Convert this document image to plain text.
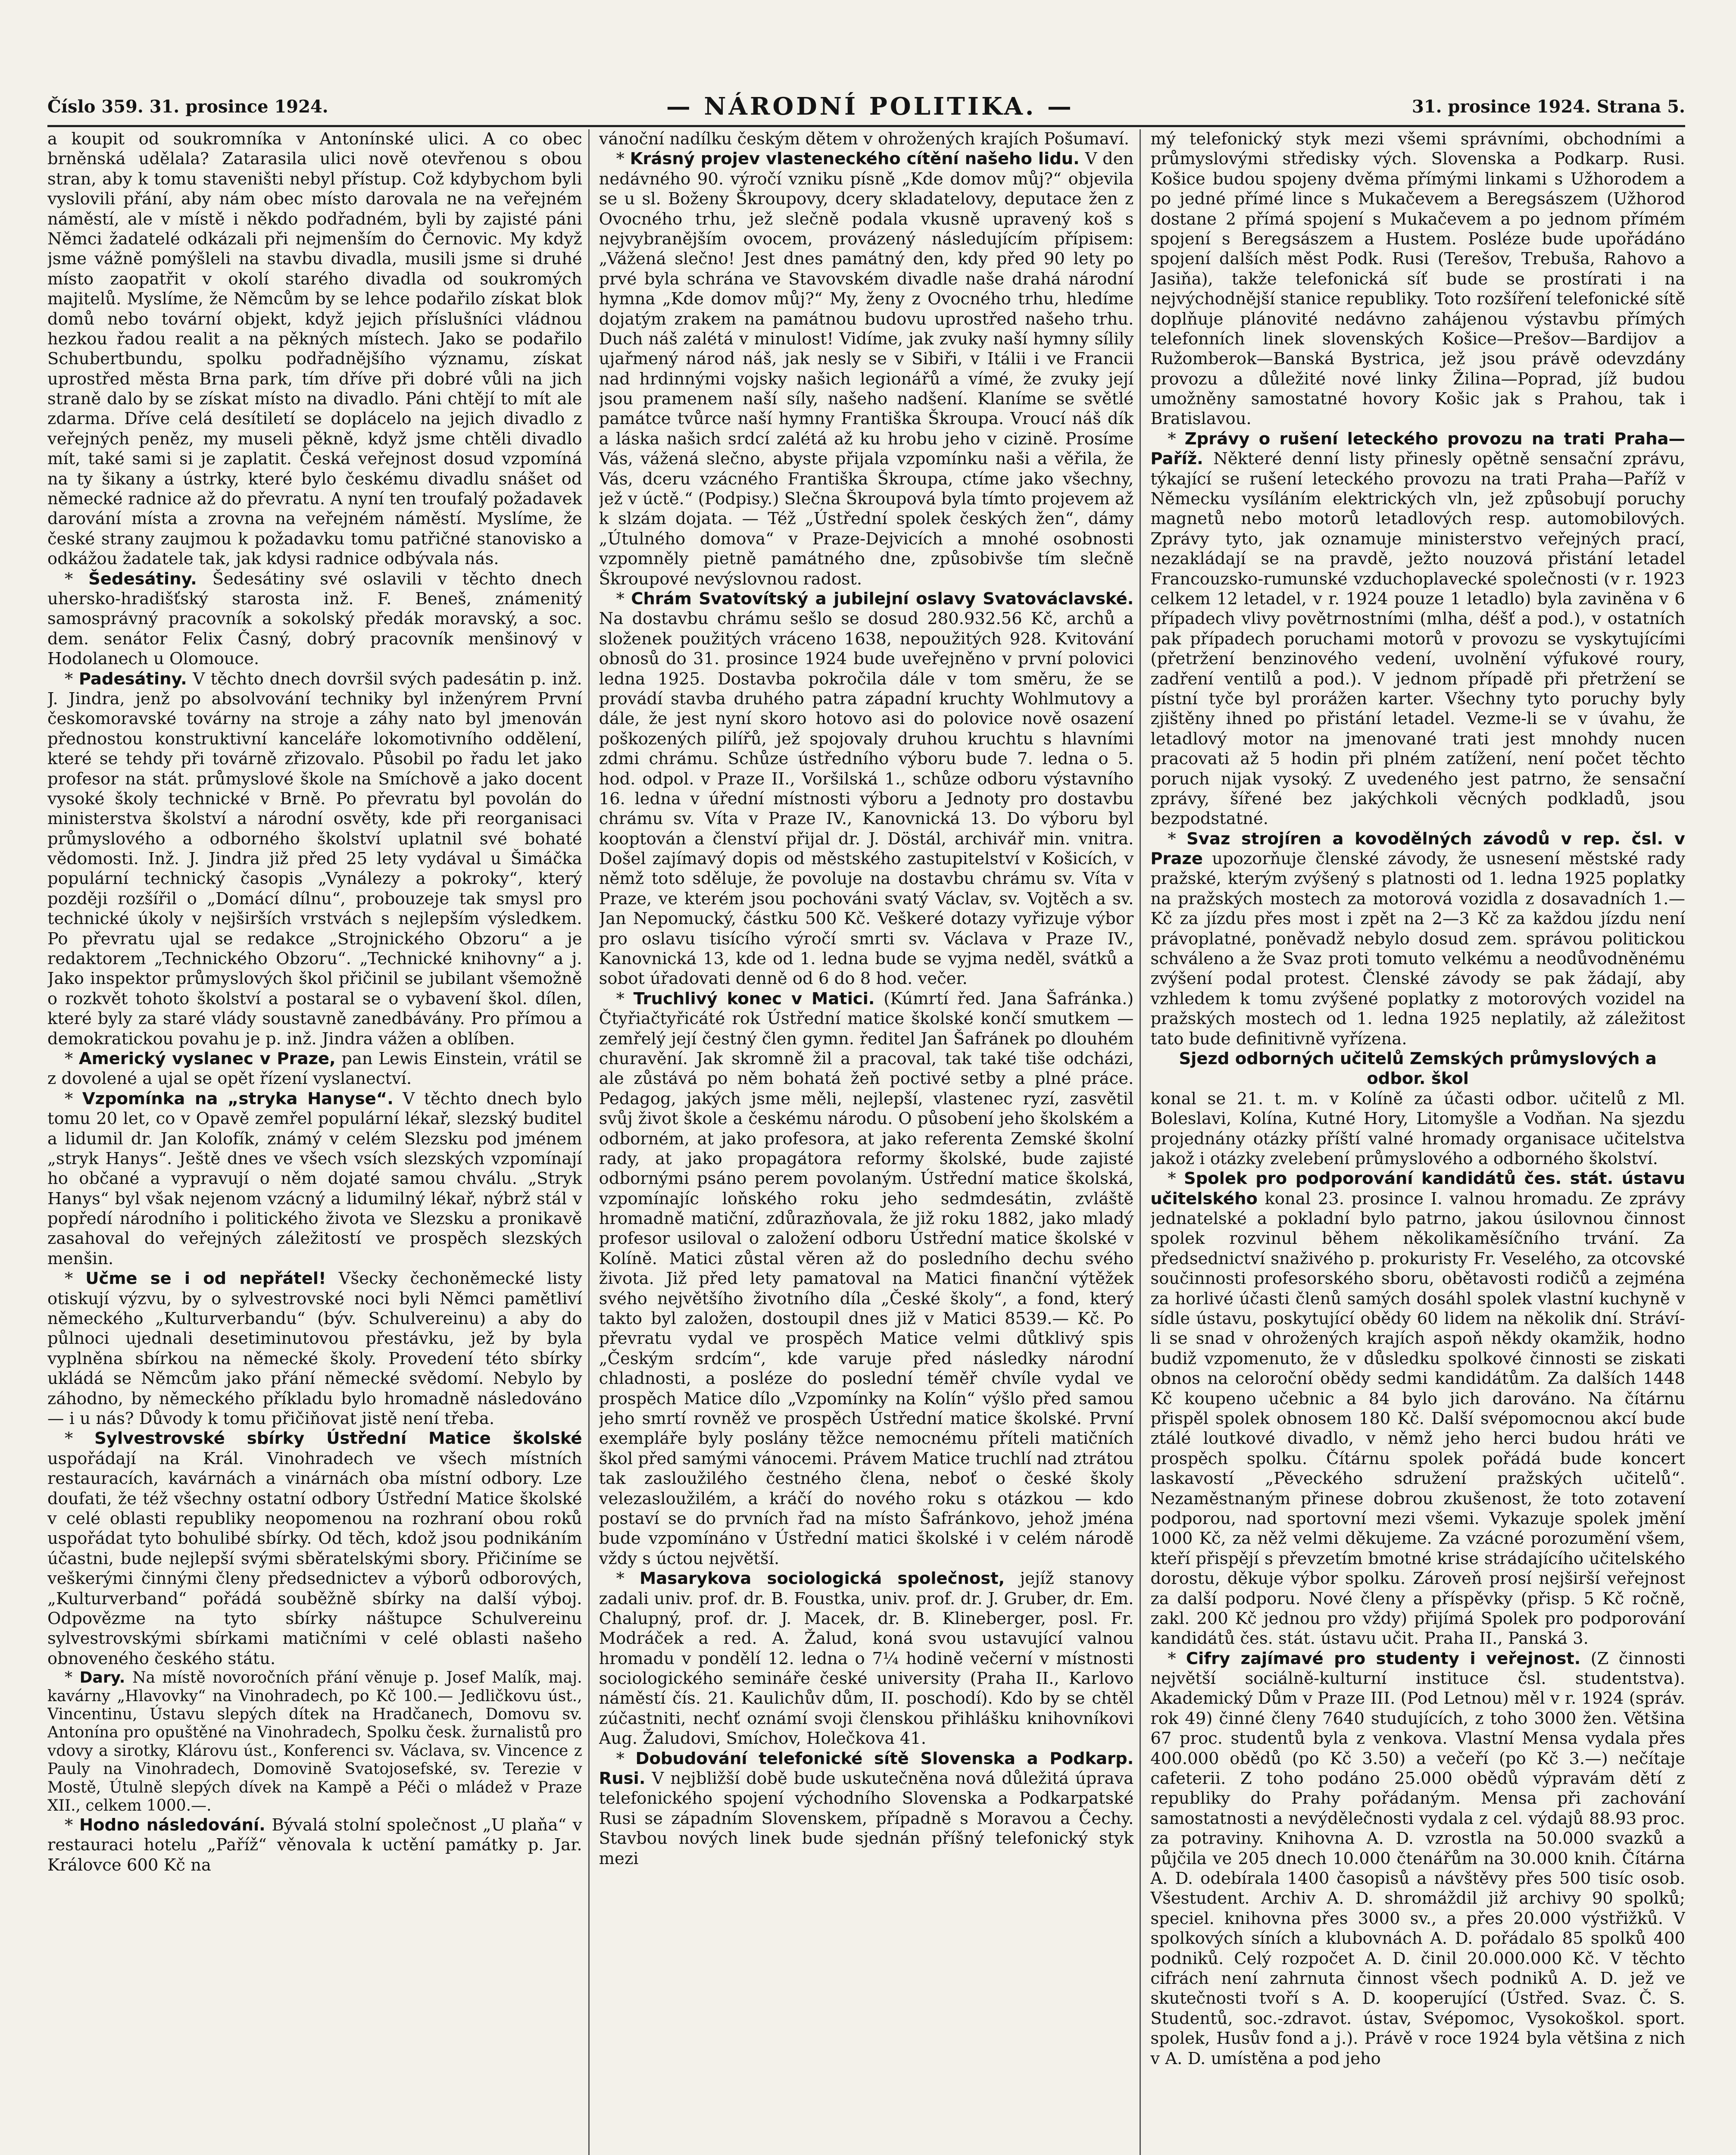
Číslo 359. 31. prosince 1924.	— NÁRODNÍ POLITIKA. —	31. prosince 1924. Strana 5.

a koupit od soukromníka v Antonínské ulici. A co obec brněnská udělala? Zatarasila ulici nově otevřenou s obou stran, aby k tomu staveništi nebyl přístup. Což kdybychom byli vyslovili přání, aby nám obec místo darovala ne na veřejném náměstí, ale v místě i někdo podřadném, byli by zajisté páni Němci žadatelé odkázali při nejmenším do Černovic. My když jsme vážně pomýšleli na stavbu divadla, musili jsme si druhé místo zaopatřit v okolí starého divadla od soukromých majitelů. Myslíme, že Němcům by se lehce podařilo získat blok domů nebo tovární objekt, když jejich příslušníci vládnou hezkou řadou realit a na pěkných místech. Jako se podařilo Schubertbundu, spolku podřadnějšího významu, získat uprostřed města Brna park, tím dříve při dobré vůli na jich straně dalo by se získat místo na divadlo. Páni chtějí to mít ale zdarma. Dříve celá desítiletí se doplácelo na jejich divadlo z veřejných peněz, my museli pěkně, když jsme chtěli divadlo mít, také sami si je zaplatit. Česká veřejnost dosud vzpomíná na ty šikany a ústrky, které bylo českému divadlu snášet od německé radnice až do převratu. A nyní ten troufalý požadavek darování místa a zrovna na veřejném náměstí. Myslíme, že české strany zaujmou k požadavku tomu patřičné stanovisko a odkážou žadatele tak, jak kdysi radnice odbývala nás.

* Šedesátiny. Šedesátiny své oslavili v těchto dnech uhersko-hradišťský starosta inž. F. Beneš, známenitý samosprávný pracovník a sokolský předák moravský, a soc. dem. senátor Felix Časný, dobrý pracovník menšinový v Hodolanech u Olomouce.

* Padesátiny. V těchto dnech dovršil svých padesátin p. inž. J. Jindra, jenž po absolvování techniky byl inženýrem První českomoravské továrny na stroje a záhy nato byl jmenován přednostou konstruktivní kanceláře lokomotivního oddělení, které se tehdy při továrně zřizovalo. Působil po řadu let jako profesor na stát. průmyslové škole na Smíchově a jako docent vysoké školy technické v Brně. Po převratu byl povolán do ministerstva školství a národní osvěty, kde při reorganisaci průmyslového a odborného školství uplatnil své bohaté vědomosti. Inž. J. Jindra již před 25 lety vydával u Šimáčka populární technický časopis „Vynálezy a pokroky“, který později rozšířil o „Domácí dílnu“, probouzeje tak smysl pro technické úkoly v nejširších vrstvách s nejlepším výsledkem. Po převratu ujal se redakce „Strojnického Obzoru“ a je redaktorem „Technického Obzoru“. „Technické knihovny“ a j. Jako inspektor průmyslových škol přičinil se jubilant všemožně o rozkvět tohoto školství a postaral se o vybavení škol. dílen, které byly za staré vlády soustavně zanedbávány. Pro přímou a demokratickou povahu je p. inž. Jindra vážen a oblíben.

* Americký vyslanec v Praze, pan Lewis Einstein, vrátil se z dovolené a ujal se opět řízení vyslanectví.

* Vzpomínka na „stryka Hanyse“. V těchto dnech bylo tomu 20 let, co v Opavě zemřel populární lékař, slezský buditel a lidumil dr. Jan Kolofík, známý v celém Slezsku pod jménem „stryk Hanys“. Ještě dnes ve všech vsích slezských vzpomínají ho občané a vypravují o něm dojaté samou chválu. „Stryk Hanys“ byl však nejenom vzácný a lidumilný lékař, nýbrž stál v popředí národního i politického života ve Slezsku a pronikavě zasahoval do veřejných záležitostí ve prospěch slezských menšin.

* Učme se i od nepřátel! Všecky čechoněmecké listy otiskují výzvu, by o sylvestrovské noci byli Němci pamětliví německého „Kulturverbandu“ (býv. Schulvereinu) a aby do půlnoci ujednali desetiminutovou přestávku, jež by byla vyplněna sbírkou na německé školy. Provedení této sbírky ukládá se Němcům jako přání německé svědomí. Nebylo by záhodno, by německého příkladu bylo hromadně následováno — i u nás? Důvody k tomu přičiňovat jistě není třeba.

* Sylvestrovské sbírky Ústřední Matice školské uspořádají na Král. Vinohradech ve všech místních restauracích, kavárnách a vinárnách oba místní odbory. Lze doufati, že též všechny ostatní odbory Ústřední Matice školské v celé oblasti republiky neopomenou na rozhraní obou roků uspořádat tyto bohulibé sbírky. Od těch, kdož jsou podnikáním účastni, bude nejlepší svými sběratelskými sbory. Přičiníme se veškerými činnými členy předsednictev a výborů odborových, „Kulturverband“ pořádá souběžně sbírky na další výboj. Odpovězme na tyto sbírky náštupce Schulvereinu sylvestrovskými sbírkami matičními v celé oblasti našeho obnoveného českého státu.

* Dary. Na místě novoročních přání věnuje p. Josef Malík, maj. kavárny „Hlavovky“ na Vinohradech, po Kč 100.— Jedličkovu úst., Vincentinu, Ústavu slepých dítek na Hradčanech, Domovu sv. Antonína pro opuštěné na Vinohradech, Spolku česk. žurnalistů pro vdovy a sirotky, Klárovu úst., Konferenci sv. Václava, sv. Vincence z Pauly na Vinohradech, Domovině Svatojosefské, sv. Terezie v Mostě, Útulně slepých dívek na Kampě a Péči o mládež v Praze XII., celkem 1000.—.

* Hodno následování. Bývalá stolní společnost „U plaňa“ v restauraci hotelu „Paříž“ věnovala k uctění památky p. Jar. Královce 600 Kč na

vánoční nadílku českým dětem v ohrožených krajích Pošumaví.

* Krásný projev vlasteneckého cítění našeho lidu. V den nedávného 90. výročí vzniku písně „Kde domov můj?“ objevila se u sl. Boženy Škroupovy, dcery skladatelovy, deputace žen z Ovocného trhu, jež slečně podala vkusně upravený koš s nejvybranějším ovocem, provázený následujícím přípisem: „Vážená slečno! Jest dnes památný den, kdy před 90 lety po prvé byla schrána ve Stavovském divadle naše drahá národní hymna „Kde domov můj?“ My, ženy z Ovocného trhu, hledíme dojatým zrakem na památnou budovu uprostřed našeho trhu. Duch náš zalétá v minulost! Vidíme, jak zvuky naší hymny sílily ujařmený národ náš, jak nesly se v Sibiři, v Itálii i ve Francii nad hrdinnými vojsky našich legionářů a vímé, že zvuky její jsou pramenem naší síly, našeho nadšení. Klaníme se světlé památce tvůrce naší hymny Františka Škroupa. Vroucí náš dík a láska našich srdcí zalétá až ku hrobu jeho v cizině. Prosíme Vás, vážená slečno, abyste přijala vzpomínku naši a věřila, že Vás, dceru vzácného Františka Škroupa, ctíme jako všechny, jež v úctě.“ (Podpisy.) Slečna Škroupová byla tímto projevem až k slzám dojata. — Též „Ústřední spolek českých žen“, dámy „Útulného domova“ v Praze-Dejvicích a mnohé osobnosti vzpomněly pietně památného dne, způsobivše tím slečně Škroupové nevýslovnou radost.

* Chrám Svatovítský a jubilejní oslavy Svatováclavské. Na dostavbu chrámu sešlo se dosud 280.932.56 Kč, archů a složenek použitých vráceno 1638, nepoužitých 928. Kvitování obnosů do 31. prosince 1924 bude uveřejněno v první polovici ledna 1925. Dostavba pokročila dále v tom směru, že se provádí stavba druhého patra západní kruchty Wohlmutovy a dále, že jest nyní skoro hotovo asi do polovice nově osazení poškozených pilířů, jež spojovaly druhou kruchtu s hlavními zdmi chrámu. Schůze ústředního výboru bude 7. ledna o 5. hod. odpol. v Praze II., Voršilská 1., schůze odboru výstavního 16. ledna v úřední místnosti výboru a Jednoty pro dostavbu chrámu sv. Víta v Praze IV., Kanovnická 13. Do výboru byl kooptován a členství přijal dr. J. Döstál, archivář min. vnitra. Došel zajímavý dopis od městského zastupitelství v Košicích, v němž toto sděluje, že povoluje na dostavbu chrámu sv. Víta v Praze, ve kterém jsou pochováni svatý Václav, sv. Vojtěch a sv. Jan Nepomucký, částku 500 Kč. Veškeré dotazy vyřizuje výbor pro oslavu tisícího výročí smrti sv. Václava v Praze IV., Kanovnická 13, kde od 1. ledna bude se vyjma neděl, svátků a sobot úřadovati denně od 6 do 8 hod. večer.

* Truchlivý konec v Matici. (Kúmrtí řed. Jana Šafránka.) Čtyřiačtyřicáté rok Ústřední matice školské končí smutkem — zemřelý její čestný člen gymn. ředitel Jan Šafránek po dlouhém churavění. Jak skromně žil a pracoval, tak také tiše odcházi, ale zůstává po něm bohatá žeň poctivé setby a plné práce. Pedagog, jakých jsme měli, nejlepší, vlastenec ryzí, zasvětil svůj život škole a českému národu. O působení jeho školském a odborném, at jako profesora, at jako referenta Zemské školní rady, at jako propagátora reformy školské, bude zajisté odbornými psáno perem povolaným. Ústřední matice školská, vzpomínajíc loňského roku jeho sedmdesátin, zvláště hromadně matiční, zdůrazňovala, že již roku 1882, jako mladý profesor usiloval o založení odboru Ústřední matice školské v Kolíně. Matici zůstal věren až do posledního dechu svého života. Již před lety pamatoval na Matici finanční výtěžek svého největšího životního díla „České školy“, a fond, který takto byl založen, dostoupil dnes již v Matici 8539.— Kč. Po převratu vydal ve prospěch Matice velmi důtklivý spis „Českým srdcím“, kde varuje před následky národní chladnosti, a posléze do poslední téměř chvíle vydal ve prospěch Matice dílo „Vzpomínky na Kolín“ výšlo před samou jeho smrtí rovněž ve prospěch Ústřední matice školské. První exempláře byly poslány těžce nemocnému příteli matičních škol před samými vánocemi. Právem Matice truchlí nad ztrátou tak zasloužilého čestného člena, neboť o české školy velezasloužilém, a kráčí do nového roku s otázkou — kdo postaví se do prvních řad na místo Šafránkovo, jehož jména bude vzpomínáno v Ústřední matici školské i v celém národě vždy s úctou největší.

* Masarykova sociologická společnost, jejíž stanovy zadali univ. prof. dr. B. Foustka, univ. prof. dr. J. Gruber, dr. Em. Chalupný, prof. dr. J. Macek, dr. B. Klineberger, posl. Fr. Modráček a red. A. Žalud, koná svou ustavující valnou hromadu v pondělí 12. ledna o 7¼ hodině večerní v místnosti sociologického semináře české university (Praha II., Karlovo náměstí čís. 21. Kaulichův dům, II. poschodí). Kdo by se chtěl zúčastniti, nechť oznámí svoji členskou přihlášku knihovníkovi Aug. Žaludovi, Smíchov, Holečkova 41.

* Dobudování telefonické sítě Slovenska a Podkarp. Rusi. V nejbližší době bude uskutečněna nová důležitá úprava telefonického spojení východního Slovenska a Podkarpatské Rusi se západním Slovenskem, případně s Moravou a Čechy. Stavbou nových linek bude sjednán příšný telefonický styk mezi

mý telefonický styk mezi všemi správními, obchodními a průmyslovými středisky vých. Slovenska a Podkarp. Rusi. Košice budou spojeny dvěma přímými linkami s Užhorodem a po jedné přímé lince s Mukačevem a Beregsászem (Užhorod dostane 2 přímá spojení s Mukačevem a po jednom přímém spojení s Beregsászem a Hustem. Posléze bude upořádáno spojení dalších měst Podk. Rusi (Terešov, Trebuša, Rahovo a Jasiňa), takže telefonická síť bude se prostírati i na nejvýchodnější stanice republiky. Toto rozšíření telefonické sítě doplňuje plánovité nedávno zahájenou výstavbu přímých telefonních linek slovenských Košice—Prešov—Bardijov a Ružomberok—Banská Bystrica, jež jsou právě odevzdány provozu a důležité nové linky Žilina—Poprad, jíž budou umožněny samostatné hovory Košic jak s Prahou, tak i Bratislavou.

* Zprávy o rušení leteckého provozu na trati Praha—Paříž. Některé denní listy přinesly opětně sensační zprávu, týkající se rušení leteckého provozu na trati Praha—Paříž v Německu vysíláním elektrických vln, jež způsobují poruchy magnetů nebo motorů letadlových resp. automobilových. Zprávy tyto, jak oznamuje ministerstvo veřejných prací, nezakládají se na pravdě, ježto nouzová přistání letadel Francouzsko-rumunské vzduchoplavecké společnosti (v r. 1923 celkem 12 letadel, v r. 1924 pouze 1 letadlo) byla zaviněna v 6 případech vlivy povětrnostními (mlha, déšť a pod.), v ostatních pak případech poruchami motorů v provozu se vyskytujícími (přetržení benzinového vedení, uvolnění výfukové roury, zadření ventilů a pod.). V jednom případě při přetržení se pístní tyče byl prorážen karter. Všechny tyto poruchy byly zjištěny ihned po přistání letadel. Vezme-li se v úvahu, že letadlový motor na jmenované trati jest mnohdy nucen pracovati až 5 hodin při plném zatížení, není počet těchto poruch nijak vysoký. Z uvedeného jest patrno, že sensační zprávy, šířené bez jakýchkoli věcných podkladů, jsou bezpodstatné.

* Svaz strojíren a kovodělných závodů v rep. čsl. v Praze upozorňuje členské závody, že usnesení městské rady pražské, kterým zvýšený s platnosti od 1. ledna 1925 poplatky na pražských mostech za motorová vozidla z dosavadních 1.— Kč za jízdu přes most i zpět na 2—3 Kč za každou jízdu není právoplatné, poněvadž nebylo dosud zem. správou politickou schváleno a že Svaz proti tomuto velkému a neodůvodněnému zvýšení podal protest. Členské závody se pak žádají, aby vzhledem k tomu zvýšené poplatky z motorových vozidel na pražských mostech od 1. ledna 1925 neplatily, až záležitost tato bude definitivně vyřízena.

Sjezd odborných učitelů Zemských průmyslových a odbor. škol

konal se 21. t. m. v Kolíně za účasti odbor. učitelů z Ml. Boleslavi, Kolína, Kutné Hory, Litomyšle a Vodňan. Na sjezdu projednány otázky příští valné hromady organisace učitelstva jakož i otázky zvelebení průmyslového a odborného školství.

* Spolek pro podporování kandidátů čes. stát. ústavu učitelského konal 23. prosince I. valnou hromadu. Ze zprávy jednatelské a pokladní bylo patrno, jakou úsilovnou činnost spolek rozvinul během několikaměsíčního trvání. Za předsednictví snaživého p. prokuristy Fr. Veselého, za otcovské součinnosti profesorského sboru, obětavosti rodičů a zejména za horlivé účasti členů samých dosáhl spolek vlastní kuchyně v sídle ústavu, poskytující obědy 60 lidem na několik dní. Stráví-li se snad v ohrožených krajích aspoň někdy okamžik, hodno budiž vzpomenuto, že v důsledku spolkové činnosti se ziskati obnos na celoroční obědy sedmi kandidátům. Za dalších 1448 Kč koupeno učebnic a 84 bylo jich darováno. Na čítárnu přispěl spolek obnosem 180 Kč. Další svépomocnou akcí bude ztálé loutkové divadlo, v němž jeho herci budou hráti ve prospěch spolku. Čítárnu spolek pořádá bude koncert laskavostí „Pěveckého sdružení pražských učitelů“. Nezaměstnaným přinese dobrou zkušenost, že toto zotavení podporou, nad sportovní mezi všemi. Vykazuje spolek jmění 1000 Kč, za něž velmi děkujeme. Za vzácné porozumění všem, kteří přispějí s převzetím bmotné krise strádajícího učitelského dorostu, děkuje výbor spolku. Zároveň prosí nejširší veřejnost za další podporu. Nové členy a příspěvky (přisp. 5 Kč ročně, zakl. 200 Kč jednou pro vždy) přijímá Spolek pro podporování kandidátů čes. stát. ústavu učit. Praha II., Panská 3.

* Cifry zajímavé pro studenty i veřejnost. (Z činnosti největší sociálně-kulturní instituce čsl. studentstva). Akademický Dům v Praze III. (Pod Letnou) měl v r. 1924 (správ. rok 49) činné členy 7640 studujících, z toho 3000 žen. Většina 67 proc. studentů byla z venkova. Vlastní Mensa vydala přes 400.000 obědů (po Kč 3.50) a večeří (po Kč 3.—) nečítaje cafeterii. Z toho podáno 25.000 obědů výpravám dětí z republiky do Prahy pořádaným. Mensa při zachování samostatnosti a nevýdělečnosti vydala z cel. výdajů 88.93 proc. za potraviny. Knihovna A. D. vzrostla na 50.000 svazků a půjčila ve 205 dnech 10.000 čtenářům na 30.000 knih. Čítárna A. D. odebírala 1400 časopisů a návštěvy přes 500 tisíc osob. Všestudent. Archiv A. D. shromáždil již archivy 90 spolků; speciel. knihovna přes 3000 sv., a přes 20.000 výstřižků. V spolkových síních a klubovnách A. D. pořádalo 85 spolků 400 podniků. Celý rozpočet A. D. činil 20.000.000 Kč. V těchto cifrách není zahrnuta činnost všech podniků A. D. jež ve skutečnosti tvoří s A. D. kooperující (Ústřed. Svaz. Č. S. Studentů, soc.-zdravot. ústav, Svépomoc, Vysokoškol. sport. spolek, Husův fond a j.). Právě v roce 1924 byla většina z nich v A. D. umístěna a pod jeho
